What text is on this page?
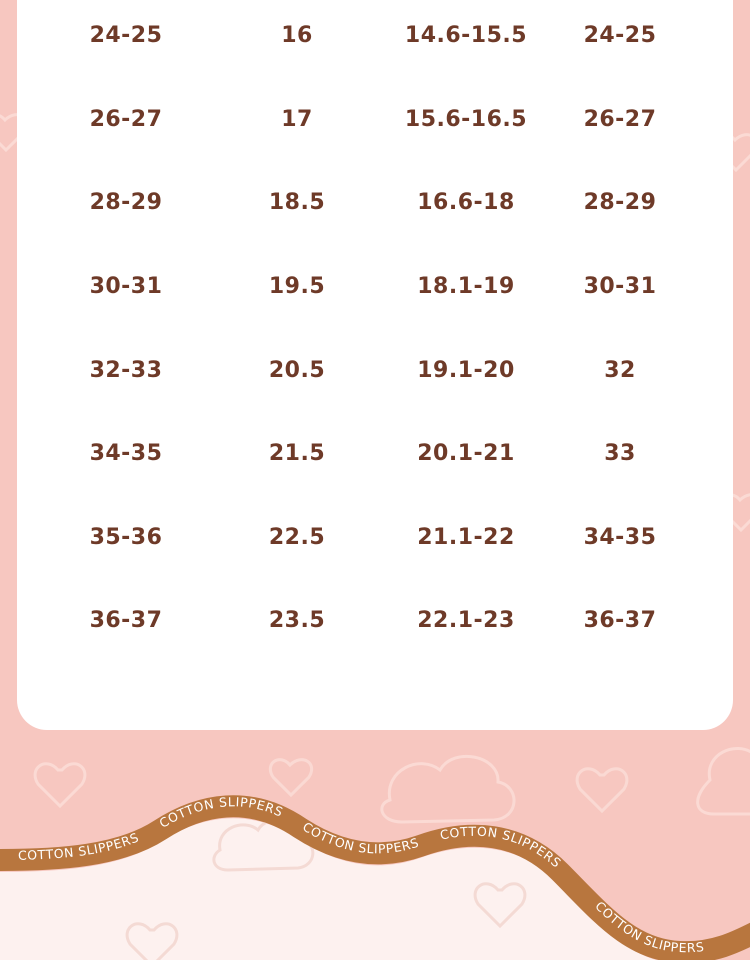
24-25	16	14.6-15.5	24-25
26-27	17	15.6-16.5	26-27
28-29	18.5	16.6-18	28-29
30-31	19.5	18.1-19	30-31
32-33	20.5	19.1-20	32
34-35	21.5	20.1-21	33
35-36	22.5	21.1-22	34-35
36-37	23.5	22.1-23	36-37
COTTON SLIPPERS
COTTON SLIPPERS
COTTON SLIPPERS
COTTON SLIPPERS
COTTON SLIPPERS
